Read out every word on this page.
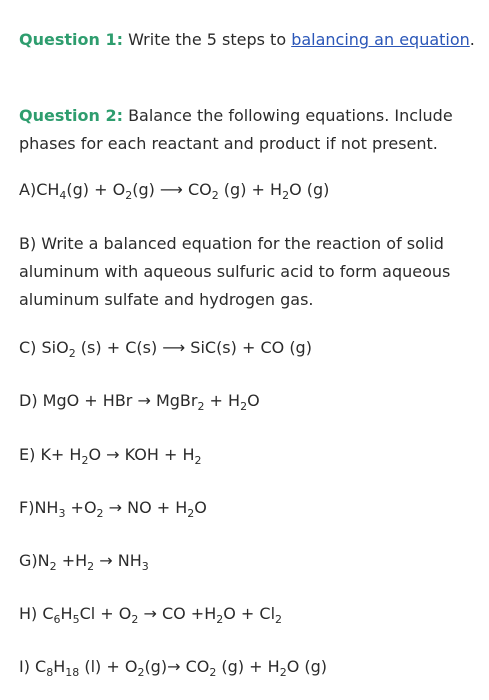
Question 1: Write the 5 steps to balancing an equation.
Question 2: Balance the following equations. Include phases for each reactant and product if not present.
$A)CH_4(g) + O_2(g)$ ⟶ $CO_2$ $(g) + H_2O$ (g)
B) Write a balanced equation for the reaction of solid aluminum with aqueous sulfuric acid to form aqueous aluminum sulfate and hydrogen gas.
C) SiO$_2$ (s) + C(s) ⟶ SiC(s) + CO (g)
D) MgO + HBr → MgBr$_2$ + $H_2O$
E) $K+ H_2O$ → KOH + $H_2$
$F)NH_3 +O_2$ → NO + $H_2O$
$G)N_2 +H_2 \to NH_3$
H) $C_6H_5Cl + O_2$ → CO $+H_2O + Cl_2$
I) $C_8H_{18}$ $(l) + O_2(g)\to CO_2$ $(g) + H_2O$ (g)
